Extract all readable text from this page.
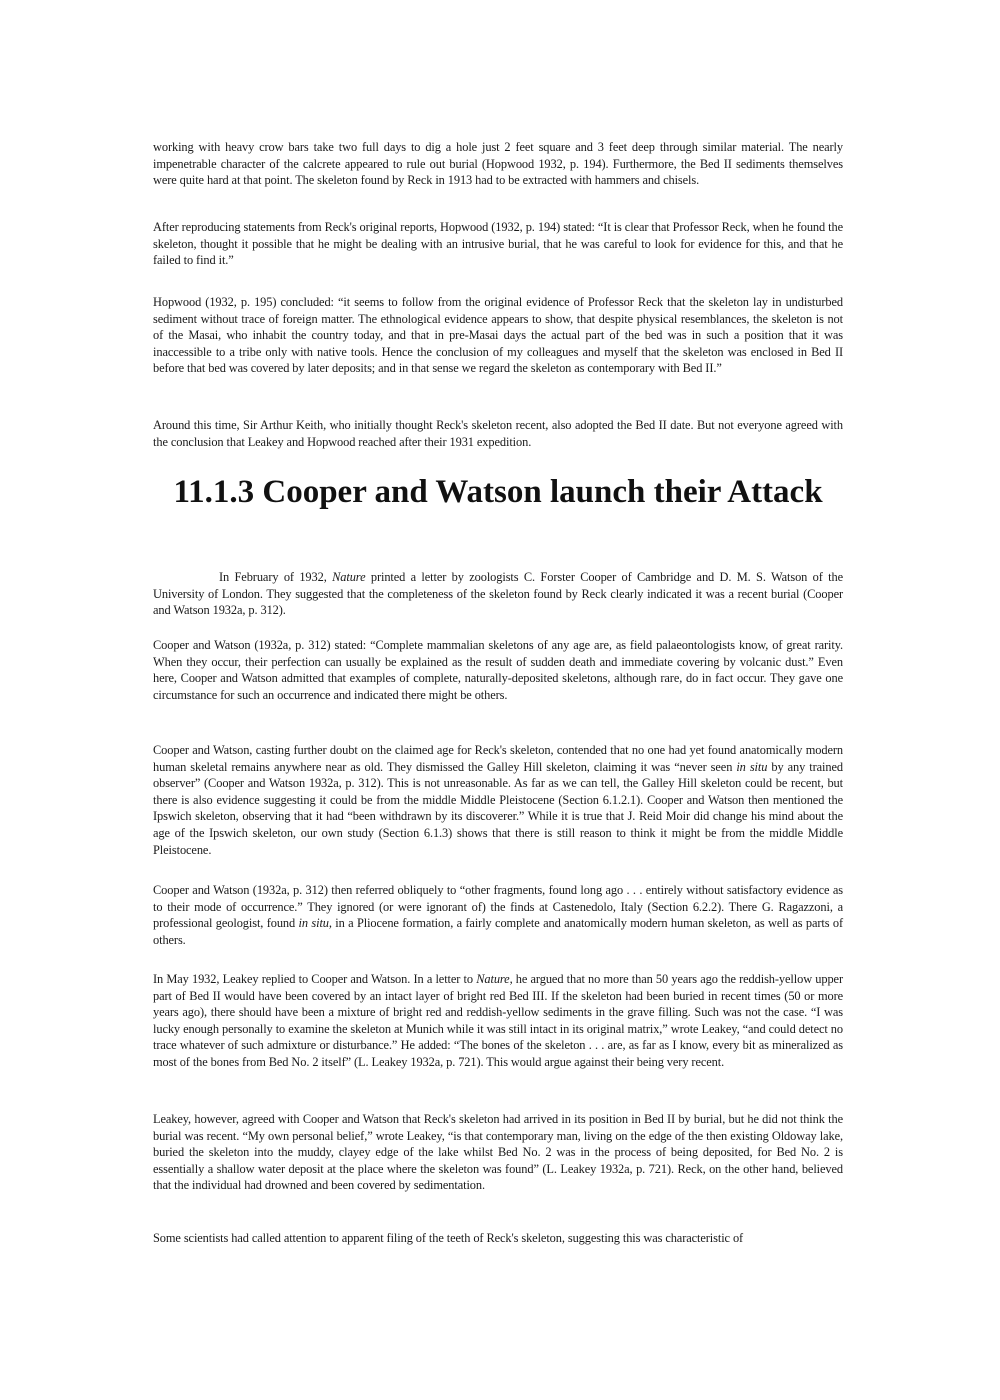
working with heavy crow bars take two full days to dig a hole just 2 feet square and 3 feet deep through similar material. The nearly impenetrable character of the calcrete appeared to rule out burial (Hopwood 1932, p. 194). Furthermore, the Bed II sediments themselves were quite hard at that point. The skeleton found by Reck in 1913 had to be extracted with hammers and chisels.

After reproducing statements from Reck's original reports, Hopwood (1932, p. 194) stated: “It is clear that Professor Reck, when he found the skeleton, thought it possible that he might be dealing with an intrusive burial, that he was careful to look for evidence for this, and that he failed to find it.”

Hopwood (1932, p. 195) concluded: “it seems to follow from the original evidence of Professor Reck that the skeleton lay in undisturbed sediment without trace of foreign matter. The ethnological evidence appears to show, that despite physical resemblances, the skeleton is not of the Masai, who inhabit the country today, and that in pre-Masai days the actual part of the bed was in such a position that it was inaccessible to a tribe only with native tools. Hence the conclusion of my colleagues and myself that the skeleton was enclosed in Bed II before that bed was covered by later deposits; and in that sense we regard the skeleton as contemporary with Bed II.”

Around this time, Sir Arthur Keith, who initially thought Reck's skeleton recent, also adopted the Bed II date. But not everyone agreed with the conclusion that Leakey and Hopwood reached after their 1931 expedition.

11.1.3 Cooper and Watson launch their Attack

In February of 1932, Nature printed a letter by zoologists C. Forster Cooper of Cambridge and D. M. S. Watson of the University of London. They suggested that the completeness of the skeleton found by Reck clearly indicated it was a recent burial (Cooper and Watson 1932a, p. 312).

Cooper and Watson (1932a, p. 312) stated: “Complete mammalian skeletons of any age are, as field palaeontologists know, of great rarity. When they occur, their perfection can usually be explained as the result of sudden death and immediate covering by volcanic dust.” Even here, Cooper and Watson admitted that examples of complete, naturally-deposited skeletons, although rare, do in fact occur. They gave one circumstance for such an occurrence and indicated there might be others.

Cooper and Watson, casting further doubt on the claimed age for Reck's skeleton, contended that no one had yet found anatomically modern human skeletal remains anywhere near as old. They dismissed the Galley Hill skeleton, claiming it was “never seen in situ by any trained observer” (Cooper and Watson 1932a, p. 312). This is not unreasonable. As far as we can tell, the Galley Hill skeleton could be recent, but there is also evidence suggesting it could be from the middle Middle Pleistocene (Section 6.1.2.1). Cooper and Watson then mentioned the Ipswich skeleton, observing that it had “been withdrawn by its discoverer.” While it is true that J. Reid Moir did change his mind about the age of the Ipswich skeleton, our own study (Section 6.1.3) shows that there is still reason to think it might be from the middle Middle Pleistocene.

Cooper and Watson (1932a, p. 312) then referred obliquely to “other fragments, found long ago . . . entirely without satisfactory evidence as to their mode of occurrence.” They ignored (or were ignorant of) the finds at Castenedolo, Italy (Section 6.2.2). There G. Ragazzoni, a professional geologist, found in situ, in a Pliocene formation, a fairly complete and anatomically modern human skeleton, as well as parts of others.

In May 1932, Leakey replied to Cooper and Watson. In a letter to Nature, he argued that no more than 50 years ago the reddish-yellow upper part of Bed II would have been covered by an intact layer of bright red Bed III. If the skeleton had been buried in recent times (50 or more years ago), there should have been a mixture of bright red and reddish-yellow sediments in the grave filling. Such was not the case. “I was lucky enough personally to examine the skeleton at Munich while it was still intact in its original matrix,” wrote Leakey, “and could detect no trace whatever of such admixture or disturbance.” He added: “The bones of the skeleton . . . are, as far as I know, every bit as mineralized as most of the bones from Bed No. 2 itself” (L. Leakey 1932a, p. 721). This would argue against their being very recent.

Leakey, however, agreed with Cooper and Watson that Reck's skeleton had arrived in its position in Bed II by burial, but he did not think the burial was recent. “My own personal belief,” wrote Leakey, “is that contemporary man, living on the edge of the then existing Oldoway lake, buried the skeleton into the muddy, clayey edge of the lake whilst Bed No. 2 was in the process of being deposited, for Bed No. 2 is essentially a shallow water deposit at the place where the skeleton was found” (L. Leakey 1932a, p. 721). Reck, on the other hand, believed that the individual had drowned and been covered by sedimentation.

Some scientists had called attention to apparent filing of the teeth of Reck's skeleton, suggesting this was characteristic of
